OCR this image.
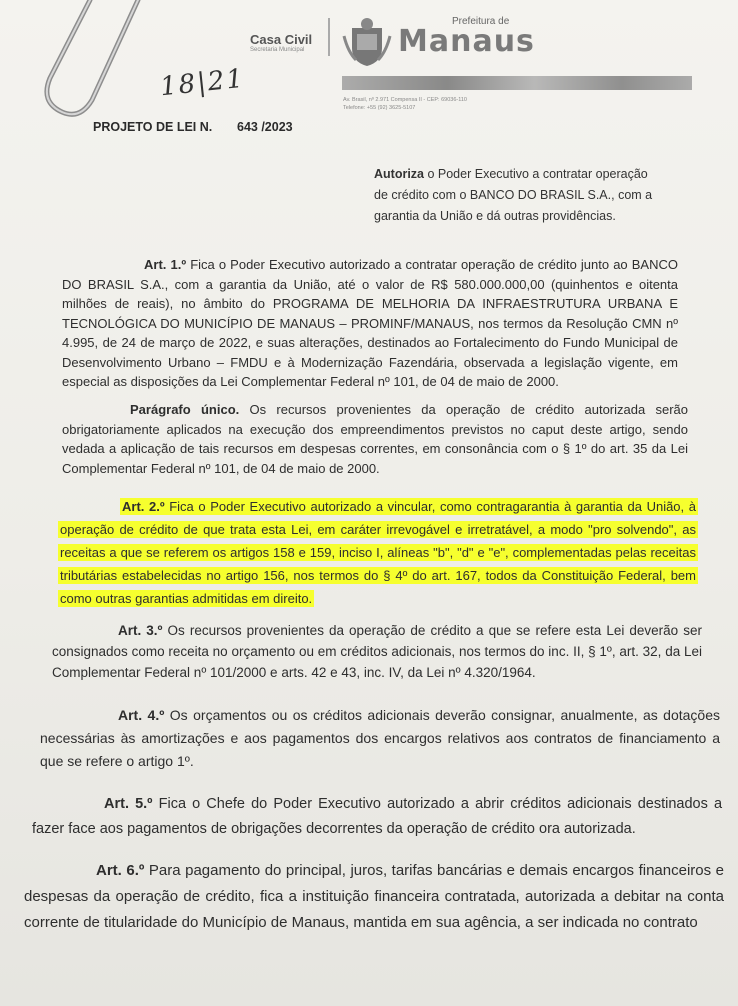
Casa Civil
Secretaria Municipal
Prefeitura de
Manaus
Av. Brasil, nº 2.971 Compensa II - CEP: 69036-110
Telefone: +55 (92) 3625-5107
18|21
PROJETO DE LEI N. 643 /2023
Autoriza o Poder Executivo a contratar operação
de crédito com o BANCO DO BRASIL S.A., com a
garantia da União e dá outras providências.
Art. 1.º Fica o Poder Executivo autorizado a contratar operação de crédito junto ao BANCO DO BRASIL S.A., com a garantia da União, até o valor de R$ 580.000.000,00 (quinhentos e oitenta milhões de reais), no âmbito do PROGRAMA DE MELHORIA DA INFRAESTRUTURA URBANA E TECNOLÓGICA DO MUNICÍPIO DE MANAUS – PROMINF/MANAUS, nos termos da Resolução CMN nº 4.995, de 24 de março de 2022, e suas alterações, destinados ao Fortalecimento do Fundo Municipal de Desenvolvimento Urbano – FMDU e à Modernização Fazendária, observada a legislação vigente, em especial as disposições da Lei Complementar Federal nº 101, de 04 de maio de 2000.
Parágrafo único. Os recursos provenientes da operação de crédito autorizada serão obrigatoriamente aplicados na execução dos empreendimentos previstos no caput deste artigo, sendo vedada a aplicação de tais recursos em despesas correntes, em consonância com o § 1º do art. 35 da Lei Complementar Federal nº 101, de 04 de maio de 2000.
Art. 2.º Fica o Poder Executivo autorizado a vincular, como contragarantia à garantia da União, à operação de crédito de que trata esta Lei, em caráter irrevogável e irretratável, a modo "pro solvendo", as receitas a que se referem os artigos 158 e 159, inciso I, alíneas "b", "d" e "e", complementadas pelas receitas tributárias estabelecidas no artigo 156, nos termos do § 4º do art. 167, todos da Constituição Federal, bem como outras garantias admitidas em direito.
Art. 3.º Os recursos provenientes da operação de crédito a que se refere esta Lei deverão ser consignados como receita no orçamento ou em créditos adicionais, nos termos do inc. II, § 1º, art. 32, da Lei Complementar Federal nº 101/2000 e arts. 42 e 43, inc. IV, da Lei nº 4.320/1964.
Art. 4.º Os orçamentos ou os créditos adicionais deverão consignar, anualmente, as dotações necessárias às amortizações e aos pagamentos dos encargos relativos aos contratos de financiamento a que se refere o artigo 1º.
Art. 5.º Fica o Chefe do Poder Executivo autorizado a abrir créditos adicionais destinados a fazer face aos pagamentos de obrigações decorrentes da operação de crédito ora autorizada.
Art. 6.º Para pagamento do principal, juros, tarifas bancárias e demais encargos financeiros e despesas da operação de crédito, fica a instituição financeira contratada, autorizada a debitar na conta corrente de titularidade do Município de Manaus, mantida em sua agência, a ser indicada no contrato
